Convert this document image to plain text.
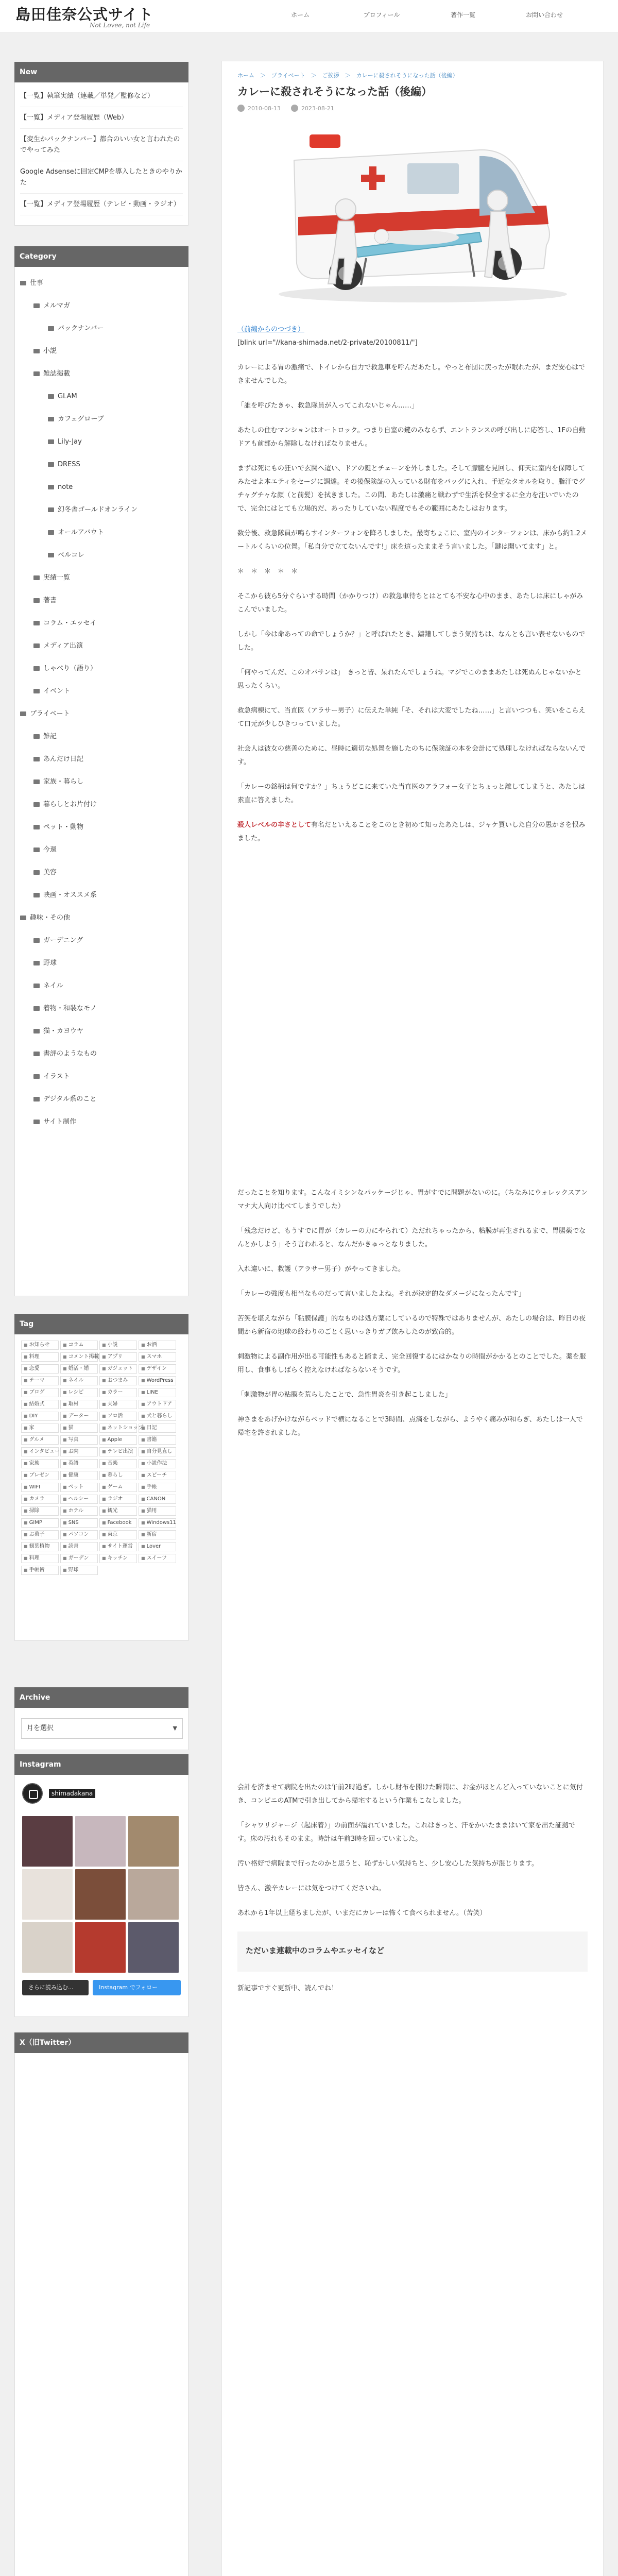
島田佳奈公式サイト
Not Lovee, not Life
ホーム	プロフィール	著作一覧	お問い合わせ
New
【一覧】執筆実績（連載／単発／監修など）
【一覧】メディア登場履歴（Web）
【変生かパックナンバー】都合のいい女と言われたのでやってみた
Google Adsenseに回定CMPを導入したときのやりかた
【一覧】メディア登場履歴（テレビ・動画・ラジオ）
Category
仕事
メルマガ
バックナンバー
小説
雑誌掲載
GLAM
カフェグローブ
Lily-Jay
DRESS
note
幻冬舎ゴールドオンライン
オールアバウト
ベルコレ
実績一覧
著書
コラム・エッセイ
メディア出演
しゃべり（語り）
イベント
プライベート
雑記
あんだけ日記
家族・暮らし
暮らしとお片付け
ペット・動物
今週
美容
映画・オススメ系
趣味・その他
ガーデニング
野球
ネイル
着物・和装なモノ
猫・カヨウヤ
書評のようなもの
イラスト
デジタル系のこと
サイト制作
Tag
■ お知らせ	■ コラム	■ 小説	■ お酒
■ 料理	■ コメント掲載	■ アプリ	■ スマホ
■ 恋愛	■ 婚活・婚	■ ガジェット	■ デザイン
■ テーマ	■ ネイル	■ おつまみ	■ WordPress
■ ブログ	■ レシピ	■ カラー	■ LINE
■ 結婚式	■ 取材	■ 夫婦	■ アウトドア
■ DIY	■ データー	■ ソロ活	■ 犬と暮らし
■ 家	■ 猫	■ ネットショップ ■ 日記
■ グルメ	■ 写真	■ Apple	■ 書籍
■ インタビュー	■ お肉	■ テレビ出演	■ 自分見直し
■ 家族	■ 英語	■ 音楽	■ 小説作法
■ プレゼン	■ 健康	■ 暮らし	■ スピーチ
■ WIFI	■ ペット	■ ゲーム	■ 手帳
■ カメラ	■ ヘルシー	■ ラジオ	■ CANON
■ 掃除	■ ホテル	■ 観光	■ 猫用
■ GIMP	■ SNS	■ Facebook	■ Windows11
■ お菓子	■ パソコン	■ 東京	■ 新宿
■ 観葉植物	■ 読書	■ サイト運営	■ Lover
■ 料理	■ ガーデン	■ キッチン	■ スイーツ
■ 手帳術	■ 野球
Archive
月を選択	▼
Instagram
shimadakana
さらに読み込む...	Instagram でフォロー
X（旧Twitter）
ホーム　＞　プライベート　＞　ご挨拶　＞　カレーに殺されそうになった話（後編）
カレーに殺されそうになった話（後編）
2010-08-13	2023-08-21

（前編からのつづき）
[blink url="//kana-shimada.net/2-private/20100811/"]

カレーによる胃の激痛で、トイレから自力で救急車を呼んだあたし。やっと布団に戻ったが眠れたが、まだ安心はできませんでした。

「誰を呼びたきゃ、救急隊員が入ってこれないじゃん……」

あたしの住むマンションはオートロック。つまり自室の鍵のみならず、エントランスの呼び出しに応答し、1Fの自動ドアも前部から解除しなければなりません。

まずは死にもの狂いで玄関へ這い、ドアの鍵とチェーンを外しました。そして朦朧を見回し、仰天に室内を保障してみたせよ本エティをセージに調達。その後保険証の入っている財布をバッグに入れ、手近なタオルを取り、脂汗でグチャグチャな顔（と前髪）を拭きました。この間、あたしは激痛と戦わずで生活を保全するに全力を注いでいたので、完全にはとても立場的だ、あったりしていない程度でもその範囲にあたしはおります。

数分後、救急隊員が鳴らすインターフォンを降ろしました。最寄ちょこに、室内のインターフォンは、床から約1.2メートルくらいの位置。「私自分で立てないんです!」床を這ったままそう言いました。「鍵は開いてます」と。

＊　＊　＊　＊　＊

そこから彼ら5分ぐらいする時間（かかりつけ）の救急車待ちとはとても不安な心中のまま、あたしは床にしゃがみこんでいました。

しかし「今は命あっての命でしょうか？」と呼ばれたとき、躊躇してしまう気持ちは、なんとも言い表せないものでした。

「何やってんだ、このオバサンは」　きっと皆、呆れたんでしょうね。マジでこのままあたしは死ぬんじゃないかと思ったくらい。

救急病棟にて、当直医（アラサー男子）に伝えた単純「そ、それは大変でしたね……」と言いつつも、笑いをこらえて口元が少しひきつっていました。

社会人は彼女の慈善のために、昼時に適切な処置を施したのちに保険証の本を会計にて処理しなければならないんです。

「カレーの銘柄は何ですか？」ちょうどこに来ていた当直医のアラフォー女子とちょっと離してしまうと、あたしは素直に答えました。

殺人レベルの辛さとして有名だといえることをこのとき初めて知ったあたしは、ジャケ買いした自分の愚かさを恨みました。

だったことを知ります。こんなイミシンなパッケージじゃ、胃がすでに問題がないのに。（ちなみにウォレックスアンマナ大人向け比べてしまうでした）

「残念だけど、もうすでに胃が（カレーの力にやられて）ただれちゃったから、粘膜が再生されるまで、胃腸薬でなんとかしよう」そう言われると、なんだかきゅっとなりました。

入れ違いに、救護（アラサー男子）がやってきました。

「カレーの強度も相当なものだって言いましたよね。それが決定的なダメージになったんです」

苦笑を堪えながら「粘膜保護」的なものは処方薬にしているので特殊ではありませんが、あたしの場合は、昨日の夜間から新宿の地球の終わりのごとく思いっきりガブ飲みしたのが致命的。

刺激物による副作用が出る可能性もあると踏まえ、完全回復するにはかなりの時間がかかるとのことでした。薬を服用し、食事もしばらく控えなければならないそうです。

「刺激物が胃の粘膜を荒らしたことで、急性胃炎を引き起こしました」

神さまをあげかけながらベッドで横になることで3時間、点滴をしながら、ようやく痛みが和らぎ、あたしは一人で帰宅を許されました。

会計を済ませて病院を出たのは午前2時過ぎ。しかし財布を開けた瞬間に、お金がほとんど入っていないことに気付き、コンビニのATMで引き出してから帰宅するという作業もこなしました。

「シャワリジャージ（起床着）」の前面が濡れていました。これはきっと、汗をかいたままはいて家を出た証拠です。床の汚れもそのまま。時計は午前3時を回っていました。

汚い格好で病院まで行ったのかと思うと、恥ずかしい気持ちと、少し安心した気持ちが混じります。

皆さん、激辛カレーには気をつけてくださいね。

あれから1年以上経ちましたが、いまだにカレーは怖くて食べられません。（苦笑）

ただいま連載中のコラムやエッセイなど

新記事ですぐ更新中、読んでね！
